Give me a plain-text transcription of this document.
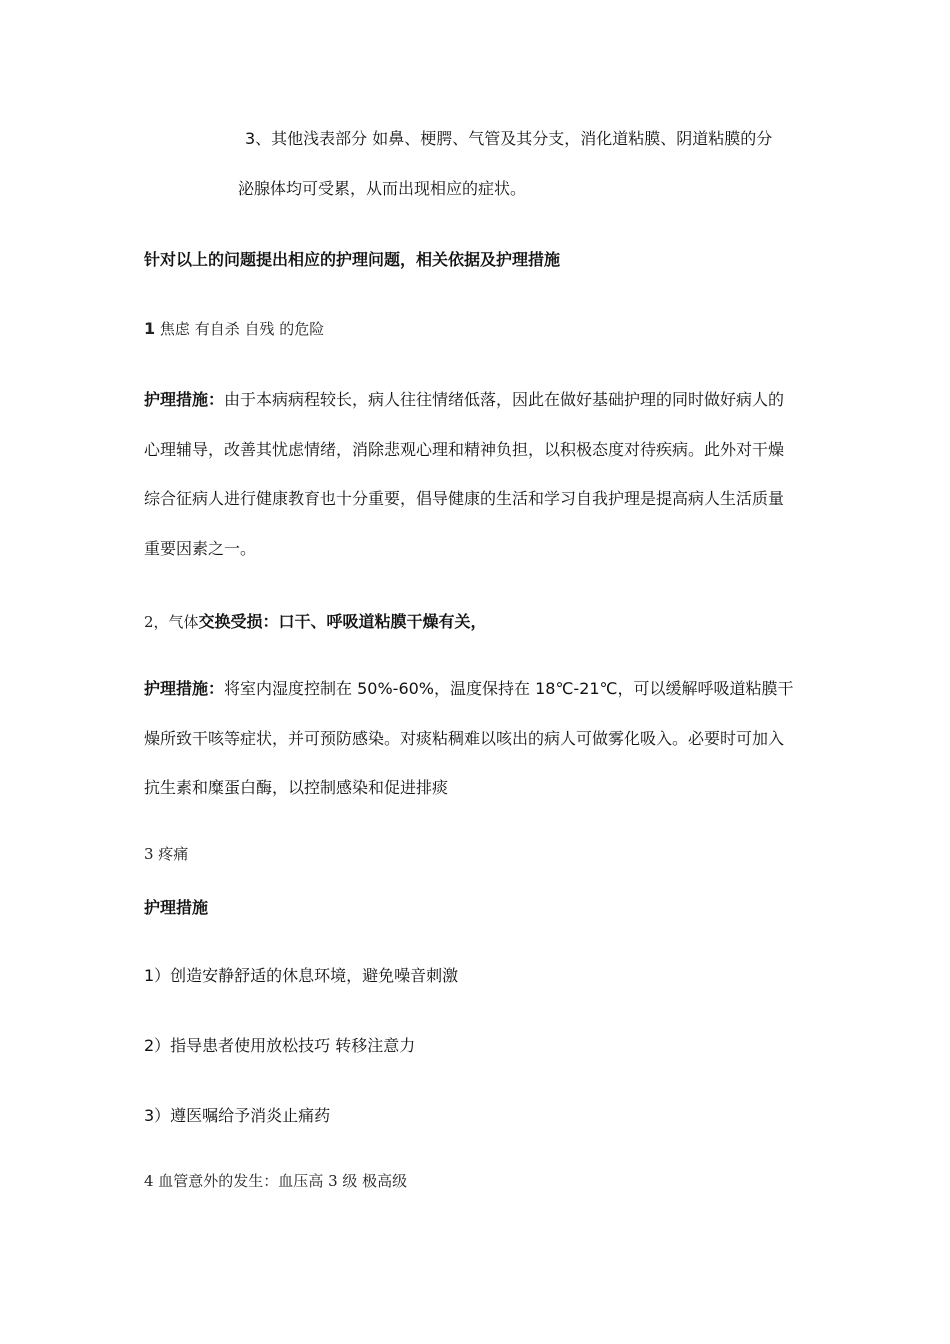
3、其他浅表部分 如鼻、梗腭、气管及其分支，消化道粘膜、阴道粘膜的分
泌腺体均可受累，从而出现相应的症状。
针对以上的问题提出相应的护理问题，相关依据及护理措施
1 焦虑 有自杀 自残 的危险
护理措施：由于本病病程较长，病人往往情绪低落，因此在做好基础护理的同时做好病人的
心理辅导，改善其忧虑情绪，消除悲观心理和精神负担，以积极态度对待疾病。此外对干燥
综合征病人进行健康教育也十分重要，倡导健康的生活和学习自我护理是提高病人生活质量
重要因素之一。
2，气体交换受损：口干、呼吸道粘膜干燥有关，
护理措施：将室内湿度控制在 50%-60%，温度保持在 18℃-21℃，可以缓解呼吸道粘膜干
燥所致干咳等症状，并可预防感染。对痰粘稠难以咳出的病人可做雾化吸入。必要时可加入
抗生素和糜蛋白酶，以控制感染和促进排痰
3 疼痛
护理措施
1）创造安静舒适的休息环境，避免噪音刺激
2）指导患者使用放松技巧 转移注意力
3）遵医嘱给予消炎止痛药
4 血管意外的发生：血压高 3 级 极高级
